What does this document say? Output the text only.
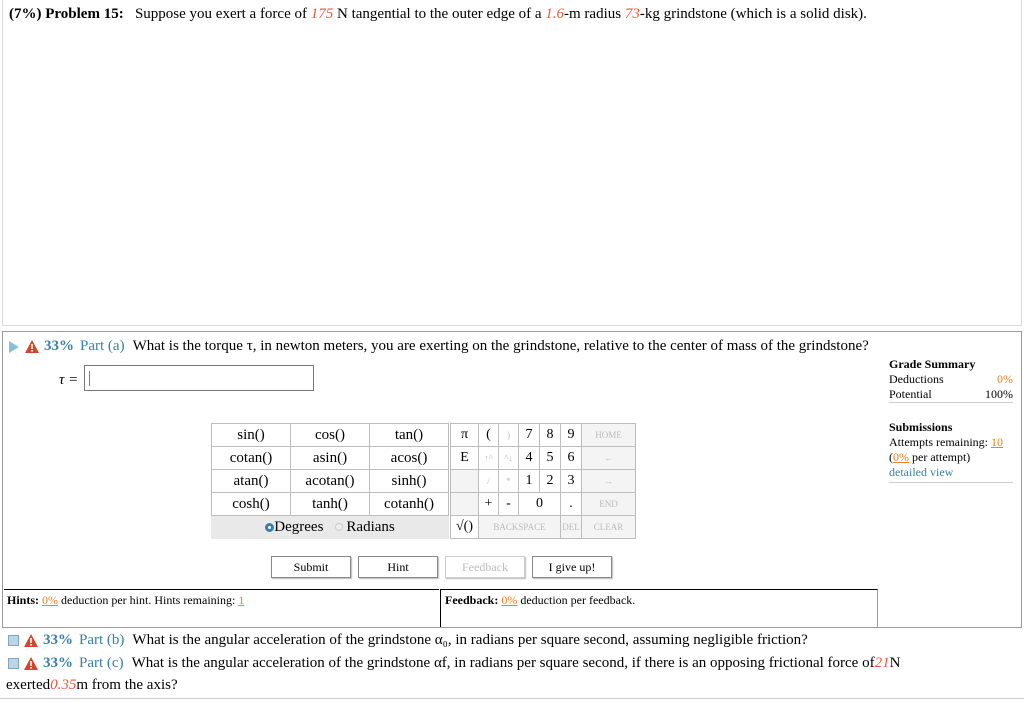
(7%) Problem 15: Suppose you exert a force of 175 N tangential to the outer edge of a 1.6-m radius 73-kg grindstone (which is a solid disk).
33% Part (a) What is the torque τ, in newton meters, you are exerting on the grindstone, relative to the center of mass of the grindstone?
τ =
Grade Summary
Deductions	0%
Potential	100%
Submissions
Attempts remaining: 10
(0% per attempt)
detailed view
sin()	cos()	tan()
cotan()	asin()	acos()
atan()	acotan()	sinh()
cosh()	tanh()	cotanh()
Degrees Radians		
π	(	)	7	8	9	HOME
E	↑^	^↓	4	5	6	←
	/	*	1	2	3	→
	+	-	0		.	END
√()	BACKSPACE				DEL	CLEAR
Submit	Hint	Feedback	I give up!
Hints: 0% deduction per hint. Hints remaining: 1	Feedback: 0% deduction per feedback.
33% Part (b) What is the angular acceleration of the grindstone α₀, in radians per square second, assuming negligible friction?
33% Part (c) What is the angular acceleration of the grindstone αf, in radians per square second, if there is an opposing frictional force of 21 N
exerted 0.35 m from the axis?
